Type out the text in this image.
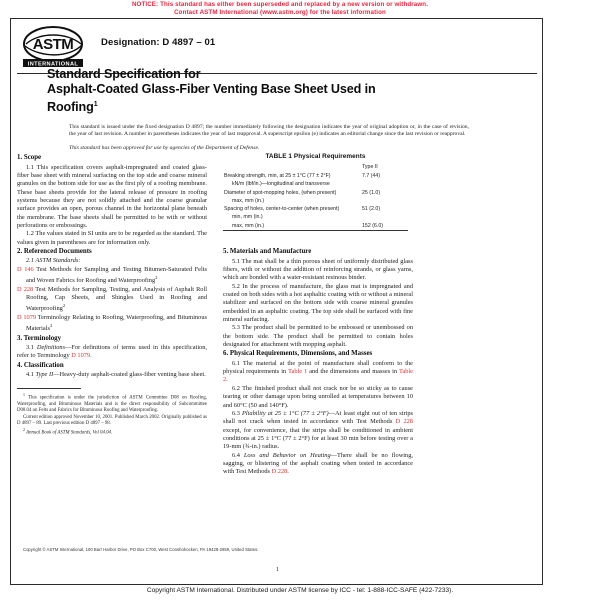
NOTICE: This standard has either been superseded and replaced by a new version or withdrawn.
Contact ASTM International (www.astm.org) for the latest information
ASTM
INTERNATIONAL
Designation: D 4897 – 01
Standard Specification for
Asphalt-Coated Glass-Fiber Venting Base Sheet Used in
Roofing$^1$
This standard is issued under the fixed designation D 4897; the number immediately following the designation indicates the year of original adoption or, in the case of revision, the year of last revision. A number in parentheses indicates the year of last reapproval. A superscript epsilon (e) indicates an editorial change since the last revision or reapproval.
This standard has been approved for use by agencies of the Department of Defense.
1. Scope

1.1 This specification covers asphalt-impregnated and coated glass-fiber base sheet with mineral surfacing on the top side and coarse mineral granules on the bottom side for use as the first ply of a roofing membrane. These base sheets provide for the lateral release of pressure in roofing systems because they are not solidly attached and the coarse granular surface provides an open, porous channel in the horizontal plane beneath the membrane. The base sheets shall be permitted to be with or without perforations or embossings.

1.2 The values stated in SI units are to be regarded as the standard. The values given in parentheses are for information only.

2. Referenced Documents

2.1 ASTM Standards:

D 146 Test Methods for Sampling and Testing Bitumen-Saturated Felts and Woven Fabrics for Roofing and Waterproofing$^2$

D 228 Test Methods for Sampling, Testing, and Analysis of Asphalt Roll Roofing, Cap Sheets, and Shingles Used in Roofing and Waterproofing$^2$

D 1079 Terminology Relating to Roofing, Waterproofing, and Bituminous Materials$^2$

3. Terminology

3.1 Definitions—For definitions of terms used in this specification, refer to Terminology D 1079.

4. Classification

4.1 Type II—Heavy-duty asphalt-coated glass-fiber venting base sheet.

$^1$ This specification is under the jurisdiction of ASTM Committee D08 on Roofing, Waterproofing, and Bituminous Materials and is the direct responsibility of Subcommittee D08.04 on Felts and Fabrics for Bituminous Roofing and Waterproofing.

Current edition approved November 10, 2001. Published March 2002. Originally published as D 4897 – 89. Last previous edition D 4897 – 98.

$^2$ Annual Book of ASTM Standards, Vol 04.04.

TABLE 1 Physical Requirements
	Type II
Breaking strength, min, at 25 ± 1°C (77 ± 2°F)	7.7 (44)
kN/m (lbf/in.)—longitudinal and transverse	
Diameter of spot-mopping holes, (when present)	25 (1.0)
max, mm (in.)	
Spacing of holes, center-to-center (when present)	51 (2.0)
min, mm (in.)	
max, mm (in.)	152 (6.0)
5. Materials and Manufacture

5.1 The mat shall be a thin porous sheet of uniformly distributed glass fibers, with or without the addition of reinforcing strands, or glass yarns, which are bonded with a water-resistant resinous binder.

5.2 In the process of manufacture, the glass mat is impregnated and coated on both sides with a hot asphaltic coating with or without a mineral stabilizer and surfaced on the bottom side with coarse mineral granules embedded in an asphaltic coating. The top side shall be surfaced with fine mineral surfacing.

5.3 The product shall be permitted to be embossed or unembossed on the bottom side. The product shall be permitted to contain holes designated for attachment with mopping asphalt.

6. Physical Requirements, Dimensions, and Masses

6.1 The material at the point of manufacture shall conform to the physical requirements in Table 1 and the dimensions and masses in Table 2.

6.2 The finished product shall not crack nor be so sticky as to cause tearing or other damage upon being unrolled at temperatures between 10 and 60°C (50 and 140°F).

6.3 Pliability at 25 ± 1°C (77 ± 2°F)—At least eight out of ten strips shall not crack when tested in accordance with Test Methods D 228 except, for convenience, that the strips shall be conditioned in ambient conditions at 25 ± 1°C (77 ± 2°F) for at least 30 min before testing over a 19-mm (¾-in.) radius.

6.4 Loss and Behavior on Heating—There shall be no flowing, sagging, or blistering of the asphalt coating when tested in accordance with Test Methods D 228.

Copyright © ASTM International, 100 Barr Harbor Drive, PO Box C700, West Conshohocken, PA 19428-2959, United States.
1
Copyright ASTM International. Distributed under ASTM license by ICC - tel: 1-888-ICC-SAFE (422-7233).
